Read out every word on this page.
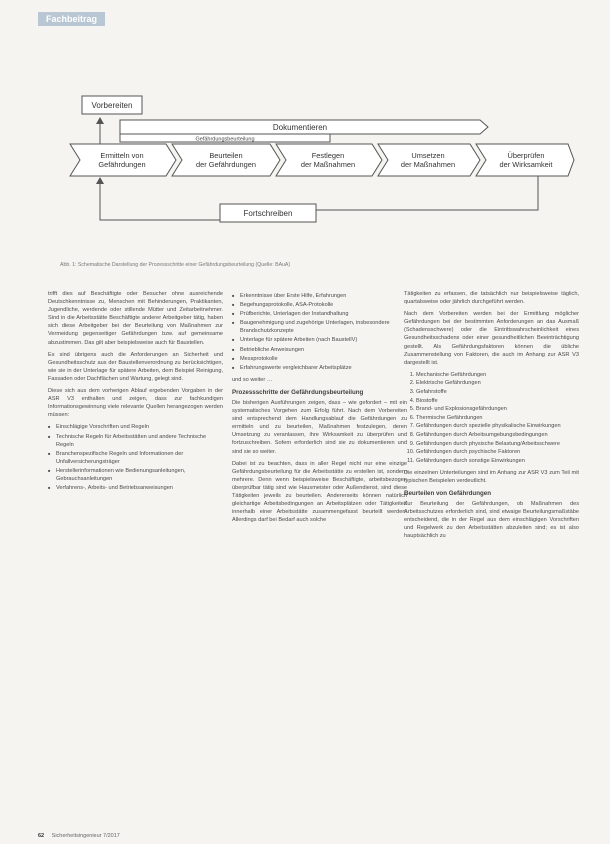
Fachbeitrag
Vorbereiten
Dokumentieren
Gefährdungsbeurteilung
Ermitteln von
Gefährdungen
Beurteilen
der Gefährdungen
Festlegen
der Maßnahmen
Umsetzen
der Maßnahmen
Überprüfen
der Wirksamkeit
Fortschreiben
Abb. 1: Schematische Darstellung der Prozessschritte einer Gefährdungsbeurteilung (Quelle: BAuA)

trifft dies auf Beschäftigte oder Besucher ohne ausreichende Deutschkenntnisse zu, Menschen mit Behinderungen, Praktikanten, Jugendliche, werdende oder stillende Mütter und Zeitarbeitnehmer. Sind in die Arbeitsstätte Beschäftigte anderer Arbeitgeber tätig, haben sich diese Arbeitgeber bei der Beurteilung von Maßnahmen zur Vermeidung gegenseitiger Gefährdungen bzw. auf gemeinsame abzustimmen. Das gilt aber beispielsweise auch für Baustellen.

Es sind übrigens auch die Anforderungen an Sicherheit und Gesundheitsschutz aus der Baustellenverordnung zu berücksichtigen, wie sie in der Unterlage für spätere Arbeiten, dem Beispiel Reinigung, Fassaden oder Dachflächen und Wartung, gelegt sind.

Diese sich aus dem vorherigen Ablauf ergebenden Vorgaben in der ASR V3 enthalten und zeigen, dass zur fachkundigen Informationsgewinnung viele relevante Quellen herangezogen werden müssen:

■ Einschlägige Vorschriften und Regeln
■ Technische Regeln für Arbeitsstätten und andere Technische Regeln
■ Branchenspezifische Regeln und Informationen der Unfallversicherungsträger
■ Herstellerinformationen wie Bedienungsanleitungen, Gebrauchsanleitungen
■ Verfahrens-, Arbeits- und Betriebsanweisungen
■ Erkenntnisse über Erste Hilfe, Erfahrungen
■ Begehungsprotokolle, ASA-Protokolle
■ Prüfberichte, Unterlagen der Instandhaltung
■ Baugenehmigung und zugehörige Unterlagen, insbesondere Brandschutzkonzepte
■ Unterlage für spätere Arbeiten (nach BaustellV)
■ Betriebliche Anweisungen
■ Messprotokolle
■ Erfahrungswerte vergleichbarer Arbeitsplätze

und so weiter …

Prozessschritte der Gefährdungsbeurteilung

Die bisherigen Ausführungen zeigen, dass – wie gefordert – mit ein systematisches Vorgehen zum Erfolg führt. Nach dem Vorbereiten sind entsprechend dem Handlungsablauf die Gefährdungen zu ermitteln und zu beurteilen, Maßnahmen festzulegen, deren Umsetzung zu veranlassen, ihre Wirksamkeit zu überprüfen und fortzuschreiben. Sofern erforderlich sind sie zu dokumentieren und sind sie so weiter.

Dabei ist zu beachten, dass in aller Regel nicht nur eine einzige Gefährdungsbeurteilung für die Arbeitsstätte zu erstellen ist, sondern mehrere. Denn wenn beispielsweise Beschäftigte, arbeitsbezogen überprüfbar tätig sind wie Hausmeister oder Außendienst, sind diese Tätigkeiten jeweils zu beurteilen. Andererseits können natürlich gleichartige Arbeitsbedingungen an Arbeitsplätzen oder Tätigkeiten innerhalb einer Arbeitsstätte zusammengefasst beurteilt werden. Allerdings darf bei Bedarf auch solche

Tätigkeiten zu erfassen, die tatsächlich nur beispielsweise täglich, quartalsweise oder jährlich durchgeführt werden.

Nach dem Vorbereiten werden bei der Ermittlung möglicher Gefährdungen bei der bestimmten Anforderungen an das Ausmaß (Schadensschwere) oder die Eintrittswahrscheinlichkeit eines Gesundheitsschadens oder einer gesundheitlichen Beeinträchtigung gestellt. Als Gefährdungsfaktoren können die übliche Zusammenstellung von Faktoren, die auch im Anhang zur ASR V3 dargestellt ist.

1. Mechanische Gefährdungen
2. Elektrische Gefährdungen
3. Gefahrstoffe
4. Biostoffe
5. Brand- und Explosionsgefährdungen
6. Thermische Gefährdungen
7. Gefährdungen durch spezielle physikalische Einwirkungen
8. Gefährdungen durch Arbeitsumgebungsbedingungen
9. Gefährdungen durch physische Belastung/Arbeitsschwere
10. Gefährdungen durch psychische Faktoren
11. Gefährdungen durch sonstige Einwirkungen

Die einzelnen Unterteilungen sind im Anhang zur ASR V3 zum Teil mit typischen Beispielen verdeutlicht.

Beurteilen von Gefährdungen

Zur Beurteilung der Gefährdungen, ob Maßnahmen des Arbeitsschutzes erforderlich sind, sind etwaige Beurteilungsmaßstäbe entscheidend, die in der Regel aus dem einschlägigen Vorschriften und Regelwerk zu den Arbeitsstätten abzuleiten sind; es ist also hauptsächlich zu

62 Sicherheitsingenieur 7/2017
